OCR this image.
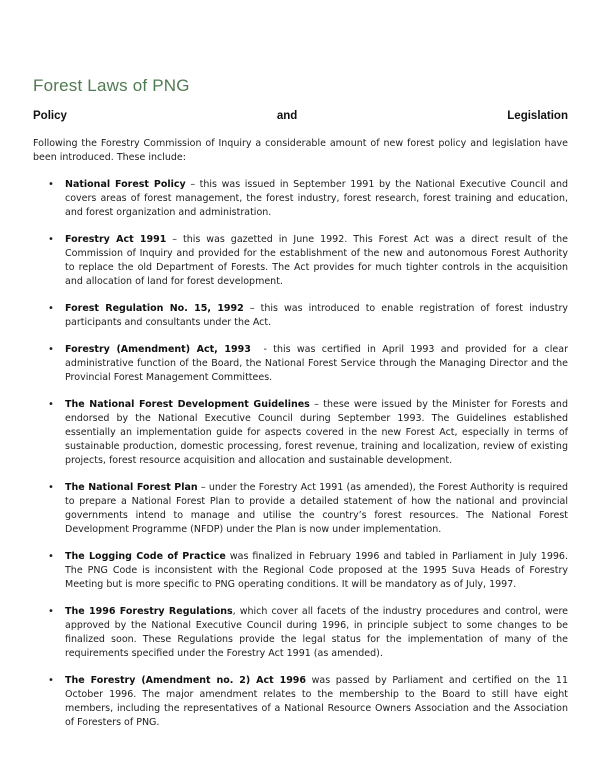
Forest Laws of PNG
Policy	and	Legislation

Following the Forestry Commission of Inquiry a considerable amount of new forest policy and legislation have been introduced. These include:

• National Forest Policy – this was issued in September 1991 by the National Executive Council and covers areas of forest management, the forest industry, forest research, forest training and education, and forest organization and administration.
• Forestry Act 1991 – this was gazetted in June 1992. This Forest Act was a direct result of the Commission of Inquiry and provided for the establishment of the new and autonomous Forest Authority to replace the old Department of Forests. The Act provides for much tighter controls in the acquisition and allocation of land for forest development.
• Forest Regulation No. 15, 1992 – this was introduced to enable registration of forest industry participants and consultants under the Act.
• Forestry (Amendment) Act, 1993  - this was certified in April 1993 and provided for a clear administrative function of the Board, the National Forest Service through the Managing Director and the Provincial Forest Management Committees.
• The National Forest Development Guidelines – these were issued by the Minister for Forests and endorsed by the National Executive Council during September 1993. The Guidelines established essentially an implementation guide for aspects covered in the new Forest Act, especially in terms of sustainable production, domestic processing, forest revenue, training and localization, review of existing projects, forest resource acquisition and allocation and sustainable development.
• The National Forest Plan – under the Forestry Act 1991 (as amended), the Forest Authority is required to prepare a National Forest Plan to provide a detailed statement of how the national and provincial governments intend to manage and utilise the country’s forest resources. The National Forest Development Programme (NFDP) under the Plan is now under implementation.
• The Logging Code of Practice was finalized in February 1996 and tabled in Parliament in July 1996. The PNG Code is inconsistent with the Regional Code proposed at the 1995 Suva Heads of Forestry Meeting but is more specific to PNG operating conditions. It will be mandatory as of July, 1997.
• The 1996 Forestry Regulations, which cover all facets of the industry procedures and control, were approved by the National Executive Council during 1996, in principle subject to some changes to be finalized soon. These Regulations provide the legal status for the implementation of many of the requirements specified under the Forestry Act 1991 (as amended).
• The Forestry (Amendment no. 2) Act 1996 was passed by Parliament and certified on the 11 October 1996. The major amendment relates to the membership to the Board to still have eight members, including the representatives of a National Resource Owners Association and the Association of Foresters of PNG.
